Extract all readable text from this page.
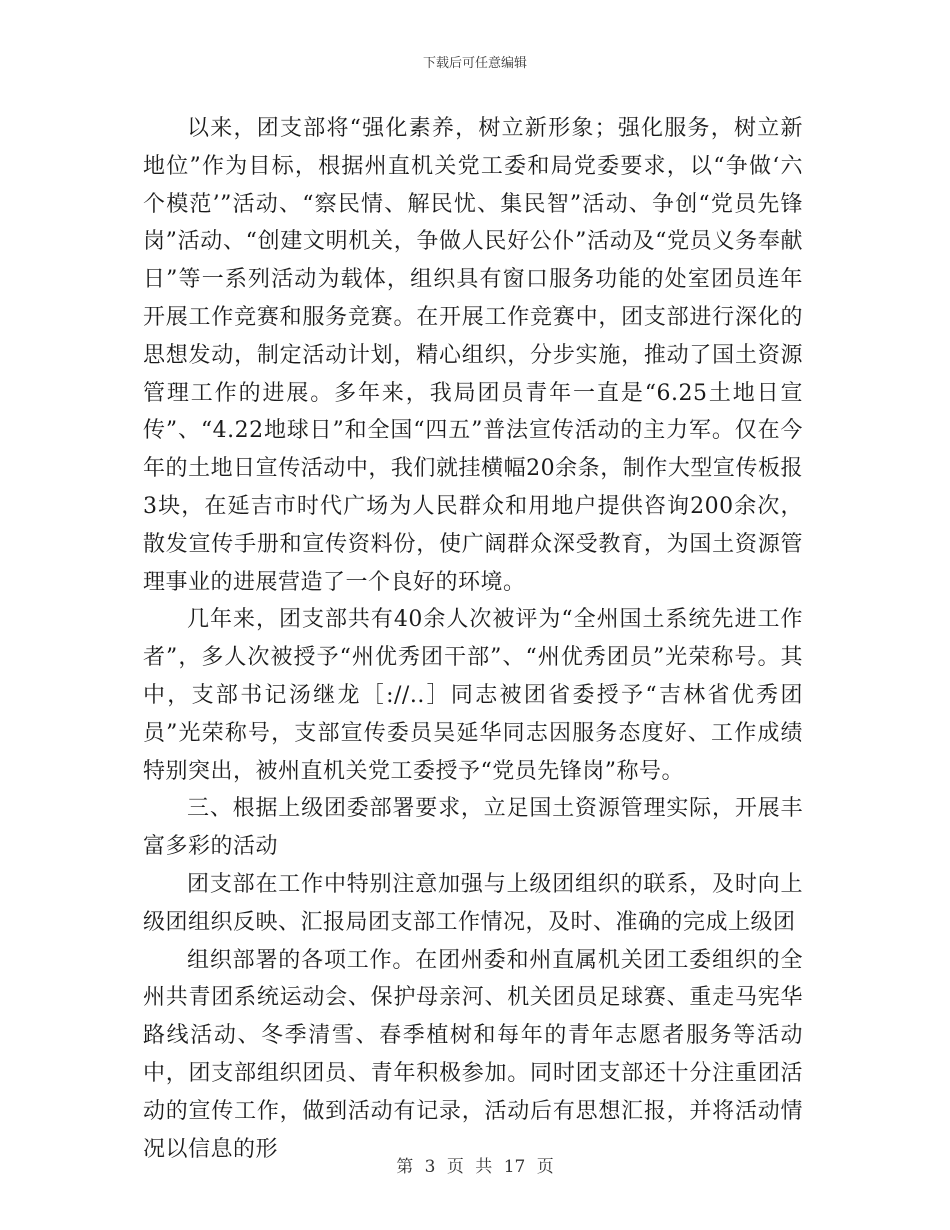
下载后可任意编辑

以来，团支部将“强化素养，树立新形象；强化服务，树立新地位”作为目标，根据州直机关党工委和局党委要求，以“争做‘六个模范’”活动、“察民情、解民忧、集民智”活动、争创“党员先锋岗”活动、“创建文明机关，争做人民好公仆”活动及“党员义务奉献日”等一系列活动为载体，组织具有窗口服务功能的处室团员连年开展工作竞赛和服务竞赛。在开展工作竞赛中，团支部进行深化的思想发动，制定活动计划，精心组织，分步实施，推动了国土资源管理工作的进展。多年来，我局团员青年一直是“6.25土地日宣传”、“4.22地球日”和全国“四五”普法宣传活动的主力军。仅在今年的土地日宣传活动中，我们就挂横幅20余条，制作大型宣传板报3块，在延吉市时代广场为人民群众和用地户提供咨询200余次，散发宣传手册和宣传资料份，使广阔群众深受教育，为国土资源管理事业的进展营造了一个良好的环境。

几年来，团支部共有40余人次被评为“全州国土系统先进工作者”，多人次被授予“州优秀团干部”、“州优秀团员”光荣称号。其中，支部书记汤继龙［://..］同志被团省委授予“吉林省优秀团员”光荣称号，支部宣传委员吴延华同志因服务态度好、工作成绩特别突出，被州直机关党工委授予“党员先锋岗”称号。

三、根据上级团委部署要求，立足国土资源管理实际，开展丰富多彩的活动

团支部在工作中特别注意加强与上级团组织的联系，及时向上级团组织反映、汇报局团支部工作情况，及时、准确的完成上级团

组织部署的各项工作。在团州委和州直属机关团工委组织的全州共青团系统运动会、保护母亲河、机关团员足球赛、重走马宪华路线活动、冬季清雪、春季植树和每年的青年志愿者服务等活动中，团支部组织团员、青年积极参加。同时团支部还十分注重团活动的宣传工作，做到活动有记录，活动后有思想汇报，并将活动情况以信息的形

第 3 页 共 17 页
